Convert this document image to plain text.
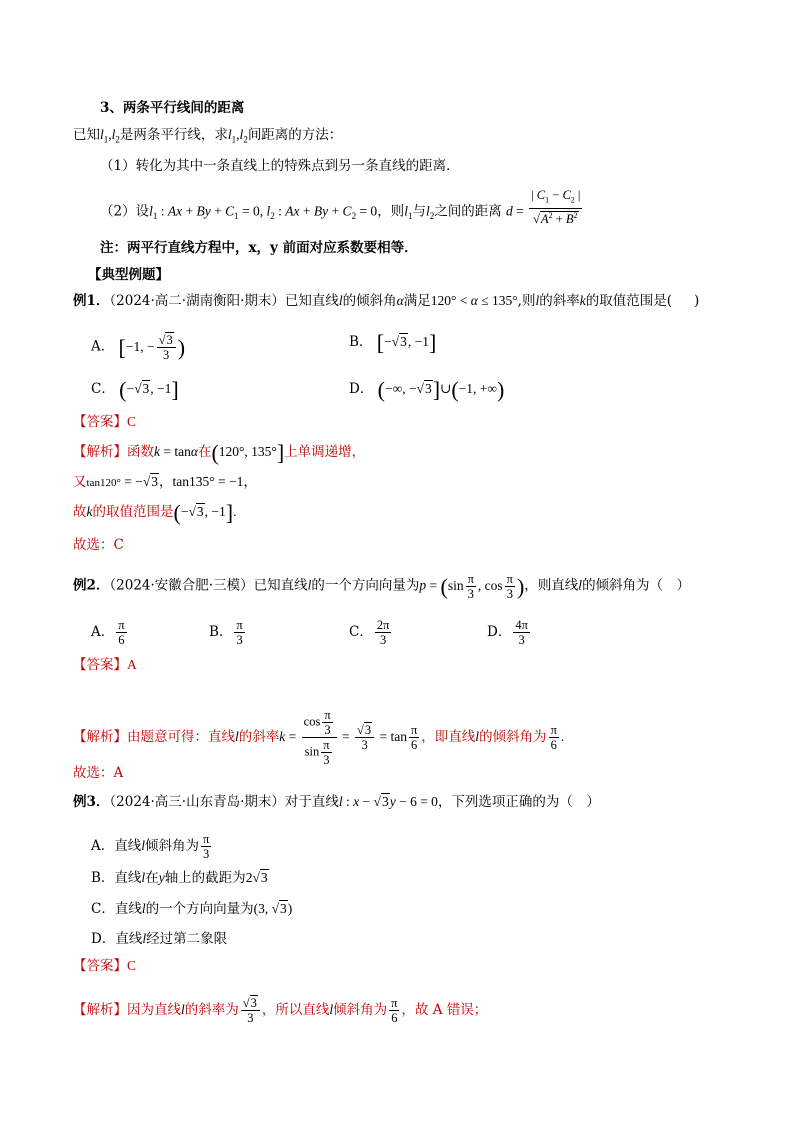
3、两条平行线间的距离
已知$l_1,l_2$是两条平行线，求$l_1,l_2$间距离的方法：
（1）转化为其中一条直线上的特殊点到另一条直线的距离．
（2）设$l_1$ : $Ax + By + C_1 = 0$, $l_2$ : $Ax + By + C_2 = 0$，则$l_1$与$l_2$之间的距离 $d = \frac{| C_1 - C_2 |}{√A^2 + B^2}$
注：两平行直线方程中，x，y 前面对应系数要相等．
【典型例题】
例1．（2024·高二·湖南衡阳·期末）已知直线l的倾斜角α满足120° < α ≤ 135°,则l的斜率k的取值范围是( )
A． [−1, − $\frac{√3}{3}$ )	B． [−√3, −1]
C． (−√3, −1]	D． (−∞, −√3]∪(−1, +∞)
【答案】C
【解析】函数k = tanα在(120°, 135°]上单调递增，
又tan120° = −√3，tan135° = −1，
故k的取值范围是(−√3, −1].
故选：C
例2．（2024·安徽合肥·三模）已知直线l的一个方向向量为$p = (\sin \frac{\pi}{3}$ , $\cos \frac{\pi}{3}$ )，则直线l的倾斜角为（　）
A． $\frac{\pi}{6}$	B． $\frac{\pi}{3}$	C． $\frac{2\pi}{3}$	D． $\frac{4\pi}{3}$
【答案】A
【解析】由题意可得：直线l的斜率$k = \frac{\cos \frac{\pi}{3}}{\sin \frac{\pi}{3}} = \frac{√3}{3} = \tan \frac{\pi}{6}$ ，即直线l的倾斜角为 $\frac{\pi}{6}$ .
故选：A
例3．（2024·高三·山东青岛·期末）对于直线l : x − √3y − 6 = 0，下列选项正确的为（　）
A．直线l倾斜角为 $\frac{\pi}{3}$
B．直线l在y轴上的截距为2√3
C．直线l的一个方向向量为(3, √3)
D．直线l经过第二象限
【答案】C
【解析】因为直线l的斜率为 $\frac{√3}{3}$ ，所以直线l倾斜角为 $\frac{\pi}{6}$ ，故 A 错误；
